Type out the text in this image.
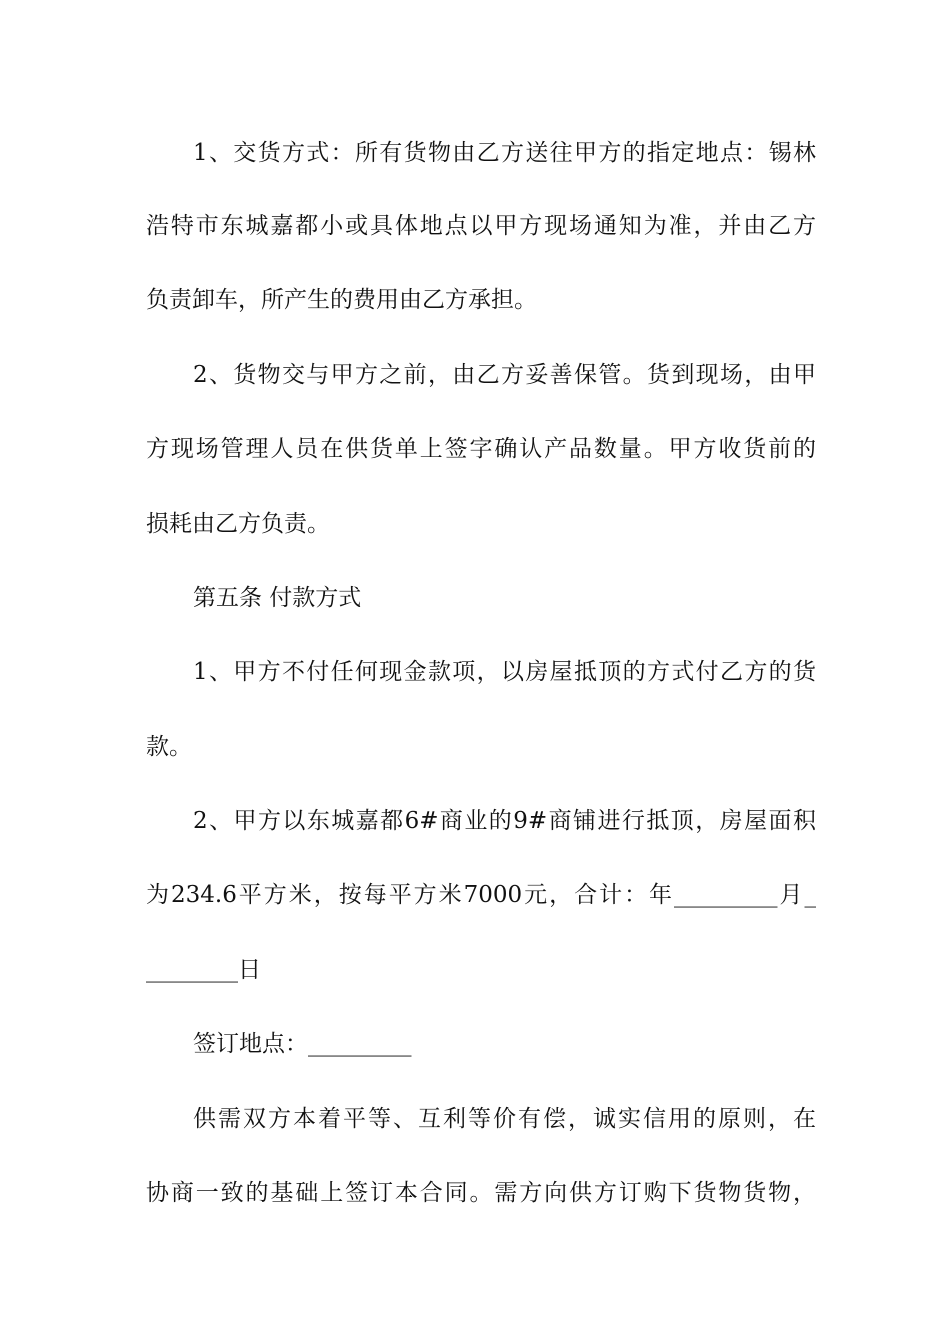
1、交货方式：所有货物由乙方送往甲方的指定地点：锡林
浩特市东城嘉都小或具体地点以甲方现场通知为准，并由乙方
负责卸车，所产生的费用由乙方承担。
2、货物交与甲方之前，由乙方妥善保管。货到现场，由甲
方现场管理人员在供货单上签字确认产品数量。甲方收货前的
损耗由乙方负责。
第五条 付款方式
1、甲方不付任何现金款项，以房屋抵顶的方式付乙方的货
款。
2、甲方以东城嘉都6#商业的9#商铺进行抵顶，房屋面积
为234.6平方米，按每平方米7000元，合计：年_________月_
________日
签订地点：_________
供需双方本着平等、互利等价有偿，诚实信用的原则，在
协商一致的基础上签订本合同。需方向供方订购下货物货物，
